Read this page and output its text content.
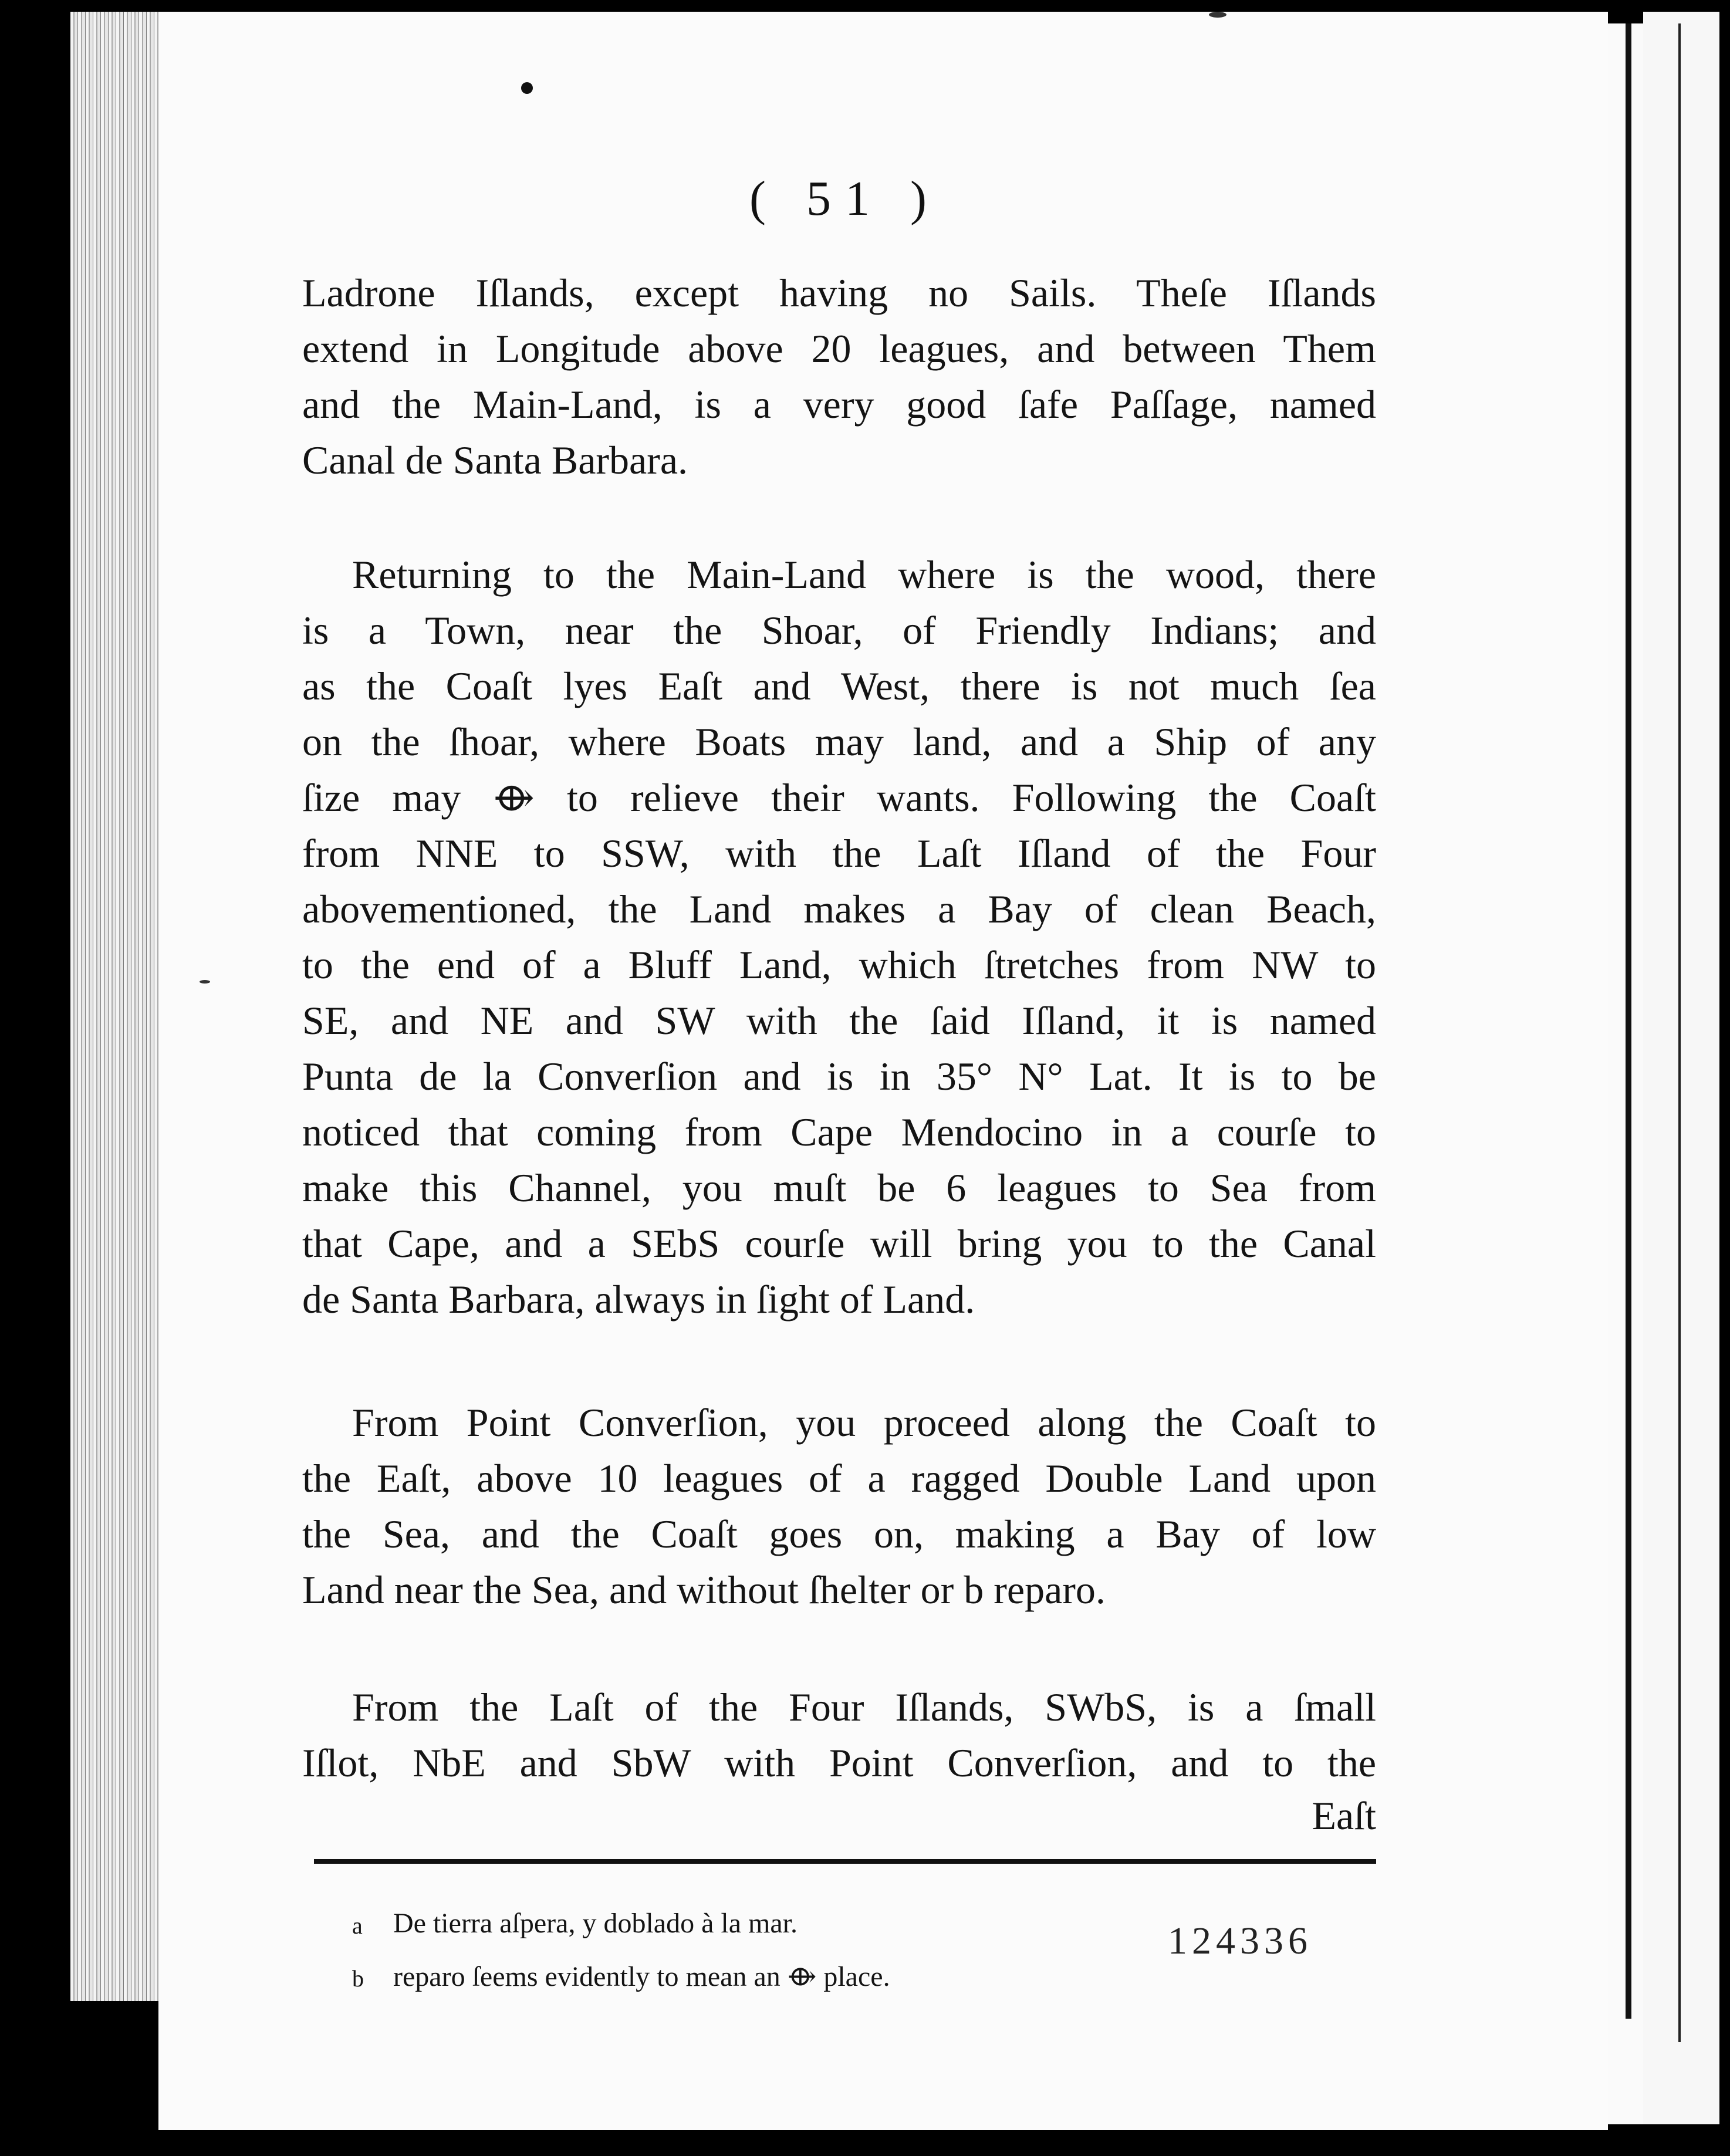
( 51 )
Ladrone Iſlands, except having no Sails. Theſe Iſlands
extend in Longitude above 20 leagues, and between Them
and the Main-Land, is a very good ſafe Paſſage, named
Canal de Santa Barbara.
Returning to the Main-Land where is the wood, there
is a Town, near the Shoar, of Friendly Indians; and
as the Coaſt lyes Eaſt and West, there is not much ſea
on the ſhoar, where Boats may land, and a Ship of any
ſize may ⟴ to relieve their wants. Following the Coaſt
from NNE to SSW, with the Laſt Iſland of the Four
abovementioned, the Land makes a Bay of clean Beach,
to the end of a Bluff Land, which ſtretches from NW to
SE, and NE and SW with the ſaid Iſland, it is named
Punta de la Converſion and is in 35° N° Lat. It is to be
noticed that coming from Cape Mendocino in a courſe to
make this Channel, you muſt be 6 leagues to Sea from
that Cape, and a SEbS courſe will bring you to the Canal
de Santa Barbara, always in ſight of Land.
From Point Converſion, you proceed along the Coaſt to
the Eaſt, above 10 leagues of a ragged Double Land upon
the Sea, and the Coaſt goes on, making a Bay of low
Land near the Sea, and without ſhelter or b reparo.
From the Laſt of the Four Iſlands, SWbS, is a ſmall
Iſlot, NbE and SbW with Point Converſion, and to the
Eaſt
a De tierra aſpera, y doblado à la mar.
b reparo ſeems evidently to mean an ⟴ place.
124336
